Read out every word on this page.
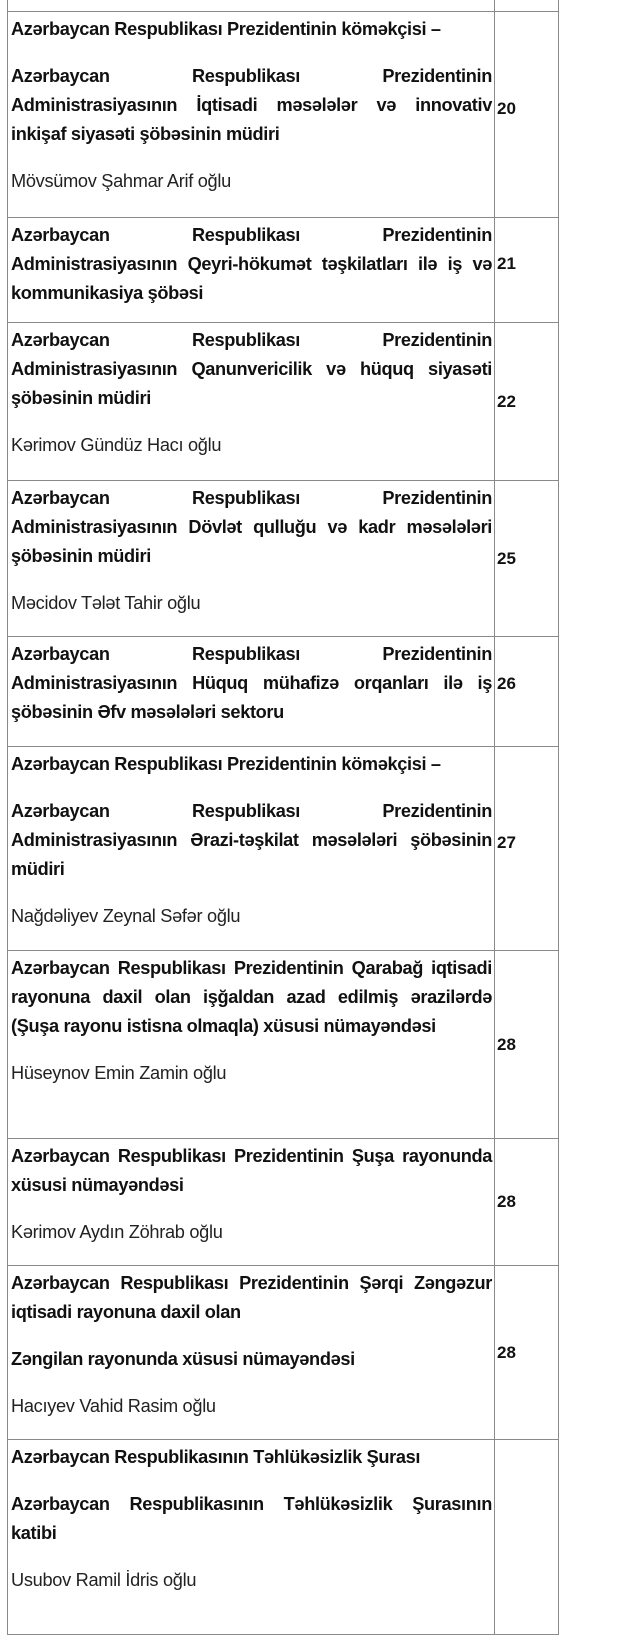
Azərbaycan Respublikası Prezidentinin köməkçisi –

Azərbaycan Respublikası Prezidentinin Administrasiyasının İqtisadi məsələlər və innovativ inkişaf siyasəti şöbəsinin müdiri

Mövsümov Şahmar Arif oğlu

20

Azərbaycan Respublikası Prezidentinin Administrasiyasının Qeyri-hökumət təşkilatları ilə iş və kommunikasiya şöbəsi

21

Azərbaycan Respublikası Prezidentinin Administrasiyasının Qanunvericilik və hüquq siyasəti şöbəsinin müdiri

Kərimov Gündüz Hacı oğlu

22

Azərbaycan Respublikası Prezidentinin Administrasiyasının Dövlət qulluğu və kadr məsələləri şöbəsinin müdiri

Məcidov Tələt Tahir oğlu

25

Azərbaycan Respublikası Prezidentinin Administrasiyasının Hüquq mühafizə orqanları ilə iş şöbəsinin Əfv məsələləri sektoru

26

Azərbaycan Respublikası Prezidentinin köməkçisi –

Azərbaycan Respublikası Prezidentinin Administrasiyasının Ərazi-təşkilat məsələləri şöbəsinin müdiri

Nağdəliyev Zeynal Səfər oğlu

27

Azərbaycan Respublikası Prezidentinin Qarabağ iqtisadi rayonuna daxil olan işğaldan azad edilmiş ərazilərdə (Şuşa rayonu istisna olmaqla) xüsusi nümayəndəsi

Hüseynov Emin Zamin oğlu

28

Azərbaycan Respublikası Prezidentinin Şuşa rayonunda xüsusi nümayəndəsi

Kərimov Aydın Zöhrab oğlu

28

Azərbaycan Respublikası Prezidentinin Şərqi Zəngəzur iqtisadi rayonuna daxil olan

Zəngilan rayonunda xüsusi nümayəndəsi

Hacıyev Vahid Rasim oğlu

28

Azərbaycan Respublikasının Təhlükəsizlik Şurası

Azərbaycan Respublikasının Təhlükəsizlik Şurasının katibi

Usubov Ramil İdris oğlu
